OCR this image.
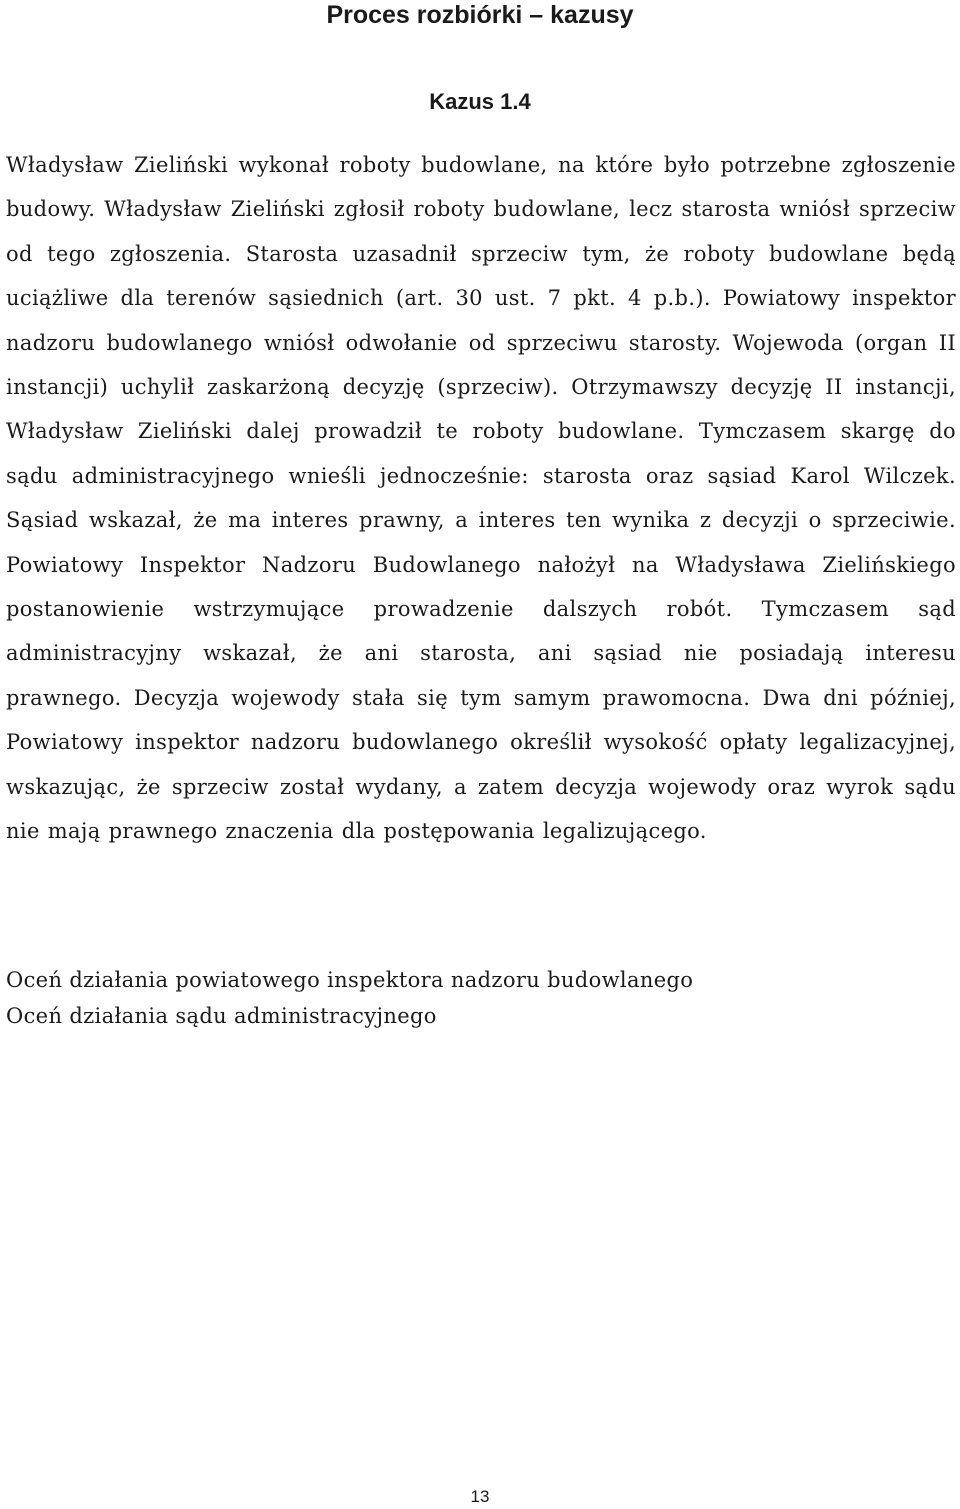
Proces rozbiórki – kazusy
Kazus 1.4

Władysław Zieliński wykonał roboty budowlane, na które było potrzebne zgłoszenie budowy. Władysław Zieliński zgłosił roboty budowlane, lecz starosta wniósł sprzeciw od tego zgłoszenia. Starosta uzasadnił sprzeciw tym, że roboty budowlane będą uciążliwe dla terenów sąsiednich (art. 30 ust. 7 pkt. 4 p.b.). Powiatowy inspektor nadzoru budowlanego wniósł odwołanie od sprzeciwu starosty. Wojewoda (organ II instancji) uchylił zaskarżoną decyzję (sprzeciw). Otrzymawszy decyzję II instancji, Władysław Zieliński dalej prowadził te roboty budowlane. Tymczasem skargę do sądu administracyjnego wnieśli jednocześnie: starosta oraz sąsiad Karol Wilczek. Sąsiad wskazał, że ma interes prawny, a interes ten wynika z decyzji o sprzeciwie. Powiatowy Inspektor Nadzoru Budowlanego nałożył na Władysława Zielińskiego postanowienie wstrzymujące prowadzenie dalszych robót. Tymczasem sąd administracyjny wskazał, że ani starosta, ani sąsiad nie posiadają interesu prawnego. Decyzja wojewody stała się tym samym prawomocna. Dwa dni później, Powiatowy inspektor nadzoru budowlanego określił wysokość opłaty legalizacyjnej, wskazując, że sprzeciw został wydany, a zatem decyzja wojewody oraz wyrok sądu nie mają prawnego znaczenia dla postępowania legalizującego.

Oceń działania powiatowego inspektora nadzoru budowlanego
Oceń działania sądu administracyjnego
13
